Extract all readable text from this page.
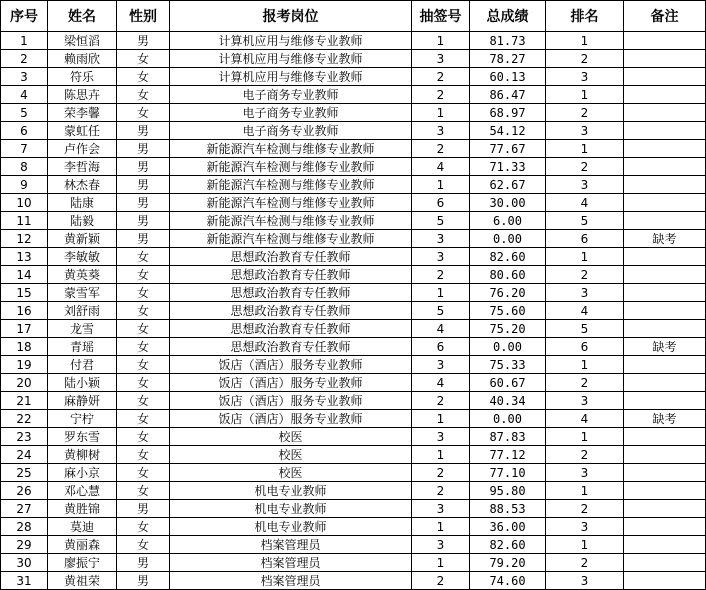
序号	姓名	性别	报考岗位	抽签号	总成绩	排名	备注
1	梁恒滔	男	计算机应用与维修专业教师	1	81.73	1	
2	赖雨欣	女	计算机应用与维修专业教师	3	78.27	2	
3	符乐	女	计算机应用与维修专业教师	2	60.13	3	
4	陈思卉	女	电子商务专业教师	2	86.47	1	
5	荣李馨	女	电子商务专业教师	1	68.97	2	
6	蒙虹任	男	电子商务专业教师	3	54.12	3	
7	卢作会	男	新能源汽车检测与维修专业教师	2	77.67	1	
8	李哲海	男	新能源汽车检测与维修专业教师	4	71.33	2	
9	林杰春	男	新能源汽车检测与维修专业教师	1	62.67	3	
10	陆康	男	新能源汽车检测与维修专业教师	6	30.00	4	
11	陆毅	男	新能源汽车检测与维修专业教师	5	6.00	5	
12	黄新颖	男	新能源汽车检测与维修专业教师	3	0.00	6	缺考
13	李敏敏	女	思想政治教育专任教师	3	82.60	1	
14	黄英葵	女	思想政治教育专任教师	2	80.60	2	
15	蒙雪军	女	思想政治教育专任教师	1	76.20	3	
16	刘舒雨	女	思想政治教育专任教师	5	75.60	4	
17	龙雪	女	思想政治教育专任教师	4	75.20	5	
18	青瑶	女	思想政治教育专任教师	6	0.00	6	缺考
19	付君	女	饭店（酒店）服务专业教师	3	75.33	1	
20	陆小颖	女	饭店（酒店）服务专业教师	4	60.67	2	
21	麻静妍	女	饭店（酒店）服务专业教师	2	40.34	3	
22	宁柠	女	饭店（酒店）服务专业教师	1	0.00	4	缺考
23	罗东雪	女	校医	3	87.83	1	
24	黄柳树	女	校医	1	77.12	2	
25	麻小京	女	校医	2	77.10	3	
26	邓心慧	女	机电专业教师	2	95.80	1	
27	黄胜锦	男	机电专业教师	3	88.53	2	
28	莫迪	女	机电专业教师	1	36.00	3	
29	黄丽森	女	档案管理员	3	82.60	1	
30	廖振宁	男	档案管理员	1	79.20	2	
31	黄祖荣	男	档案管理员	2	74.60	3	
